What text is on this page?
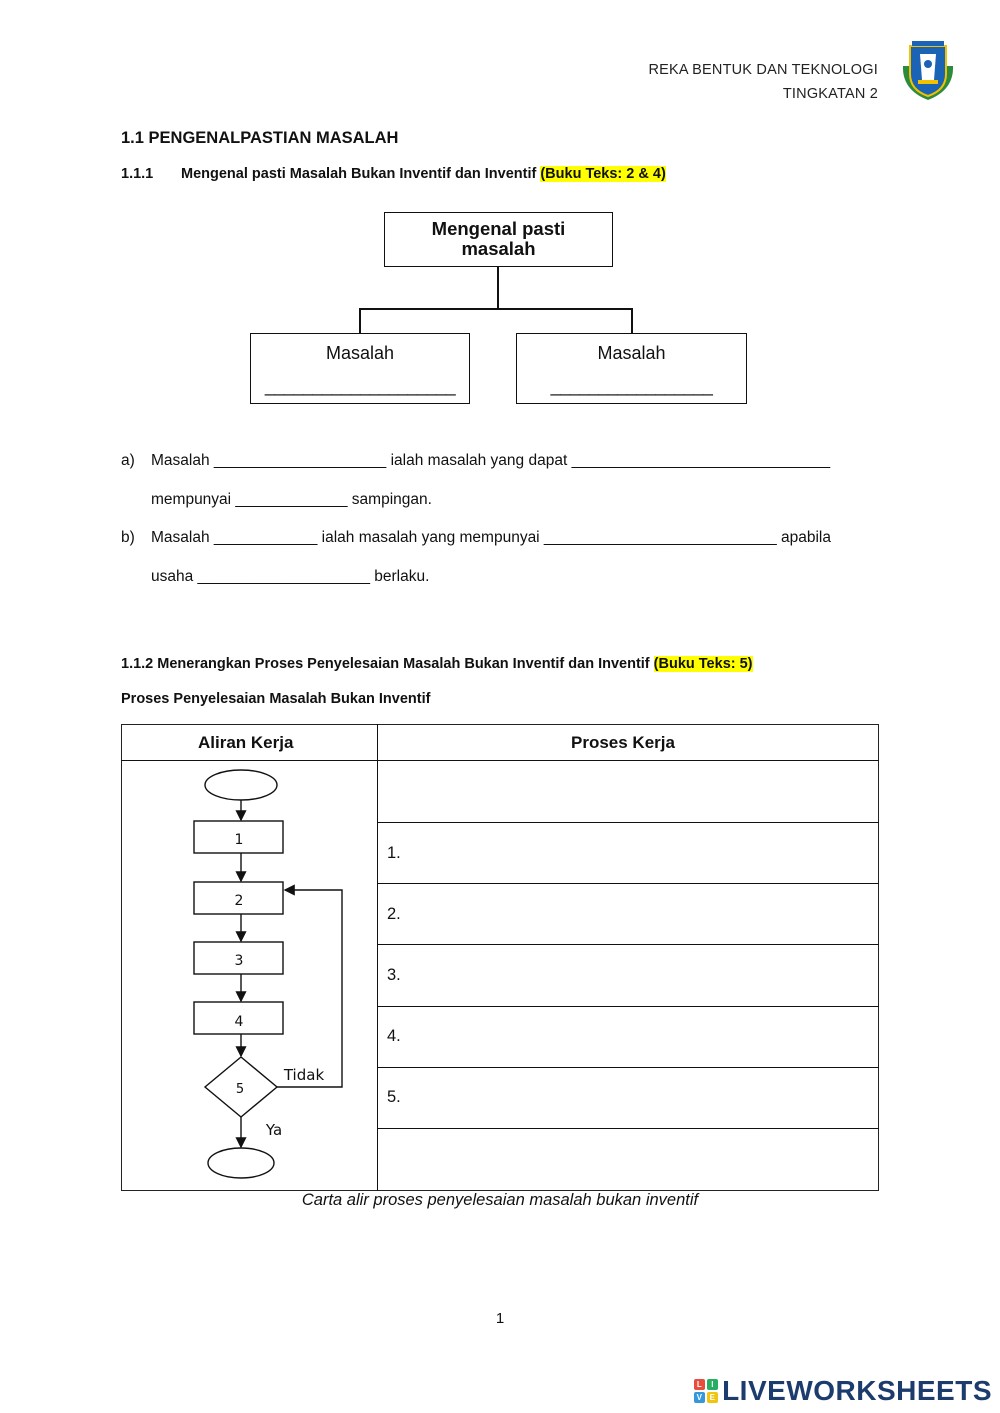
REKA BENTUK DAN TEKNOLOGI
TINGKATAN 2
1.1 PENGENALPASTIAN MASALAH
1.1.1 Mengenal pasti Masalah Bukan Inventif dan Inventif (Buku Teks: 2 & 4)
Mengenal pasti
masalah
Masalah
____________________
Masalah
_________________
a) Masalah ____________________ ialah masalah yang dapat ______________________________
mempunyai _____________ sampingan.
b) Masalah ____________ ialah masalah yang mempunyai ___________________________ apabila
usaha ____________________ berlaku.
1.1.2 Menerangkan Proses Penyelesaian Masalah Bukan Inventif dan Inventif (Buku Teks: 5)
Proses Penyelesaian Masalah Bukan Inventif
Aliran Kerja	Proses Kerja
1.
2.
3.
4.
5.
1
2
3
4
5
Tidak
Ya
Carta alir proses penyelesaian masalah bukan inventif
1
L	I
V E LIVEWORKSHEETS
